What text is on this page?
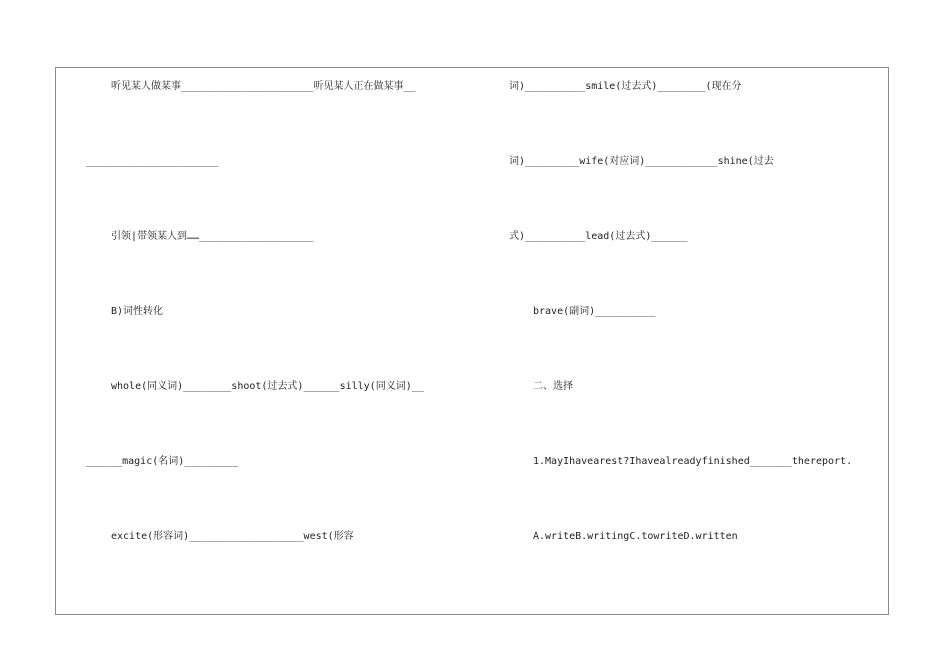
听见某人做某事______________________听见某人正在做某事__
______________________
引领|带领某人到……___________________
B)词性转化
whole(同义词)________shoot(过去式)______silly(同义词)__
______magic(名词)_________
excite(形容词)___________________west(形容
词)__________smile(过去式)________(现在分
词)_________wife(对应词)____________shine(过去
式)__________lead(过去式)______
brave(副词)__________
二、选择
1.MayIhavearest?Ihavealreadyfinished_______thereport.
A.writeB.writingC.towriteD.written
